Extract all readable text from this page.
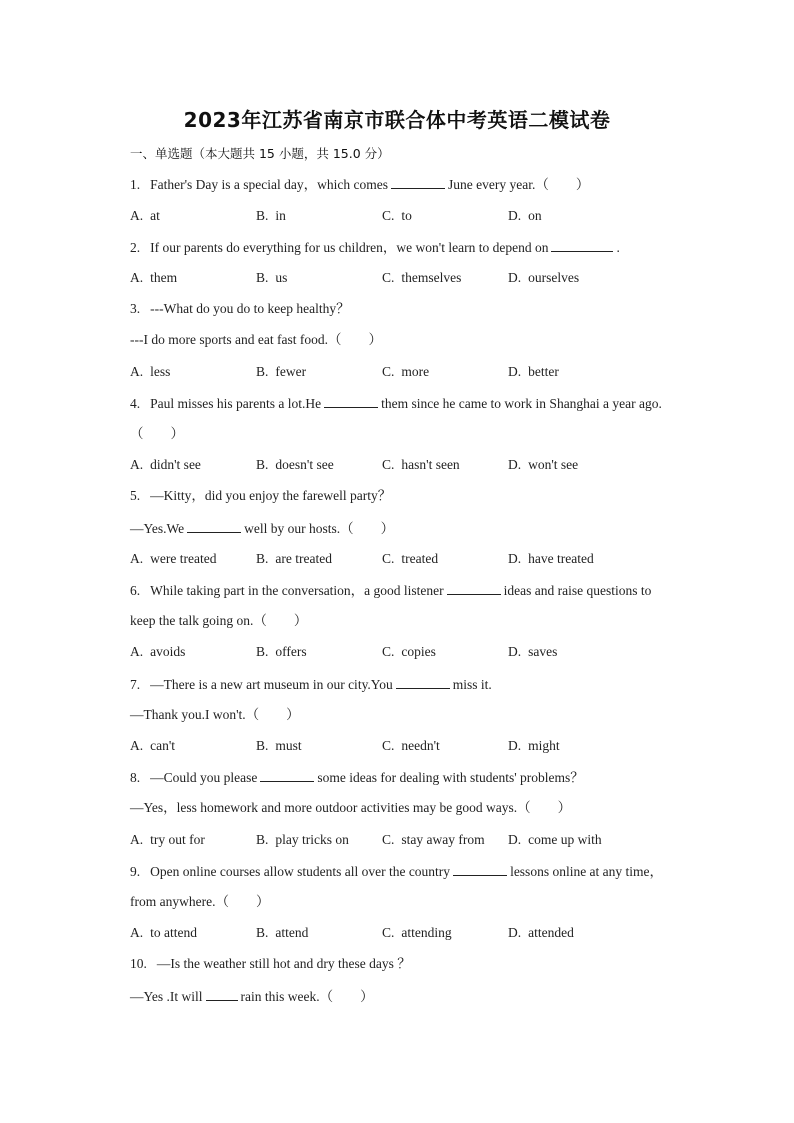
2023年江苏省南京市联合体中考英语二模试卷
一、单选题（本大题共 15 小题，共 15.0 分）
1. Father's Day is a special day，which comes	June every year.（　　）
A. at	B. in	C. to	D. on
2. If our parents do everything for us children，we won't learn to depend on	.
A. them	B. us	C. themselves	D. ourselves
3. ---What do you do to keep healthy？
---I do more sports and eat fast food.（　　）
A. less	B. fewer	C. more	D. better
4. Paul misses his parents a lot.He	them since he came to work in Shanghai a year ago.
（　　）
A. didn't see	B. doesn't see	C. hasn't seen	D. won't see
5. —Kitty，did you enjoy the farewell party？
—Yes.We	well by our hosts.（　　）
A. were treated	B. are treated	C. treated	D. have treated
6. While taking part in the conversation，a good listener	ideas and raise questions to
keep the talk going on.（　　）
A. avoids	B. offers	C. copies	D. saves
7. —There is a new art museum in our city.You	miss it.
—Thank you.I won't.（　　）
A. can't	B. must	C. needn't	D. might
8. —Could you please	some ideas for dealing with students' problems？
—Yes，less homework and more outdoor activities may be good ways.（　　）
A. try out for	B. play tricks on C. stay away from D. come up with
9. Open online courses allow students all over the country	lessons online at any time，
from anywhere.（　　）
A. to attend	B. attend	C. attending	D. attended
10. —Is the weather still hot and dry these days ？
—Yes .It will	rain this week.（　　）
